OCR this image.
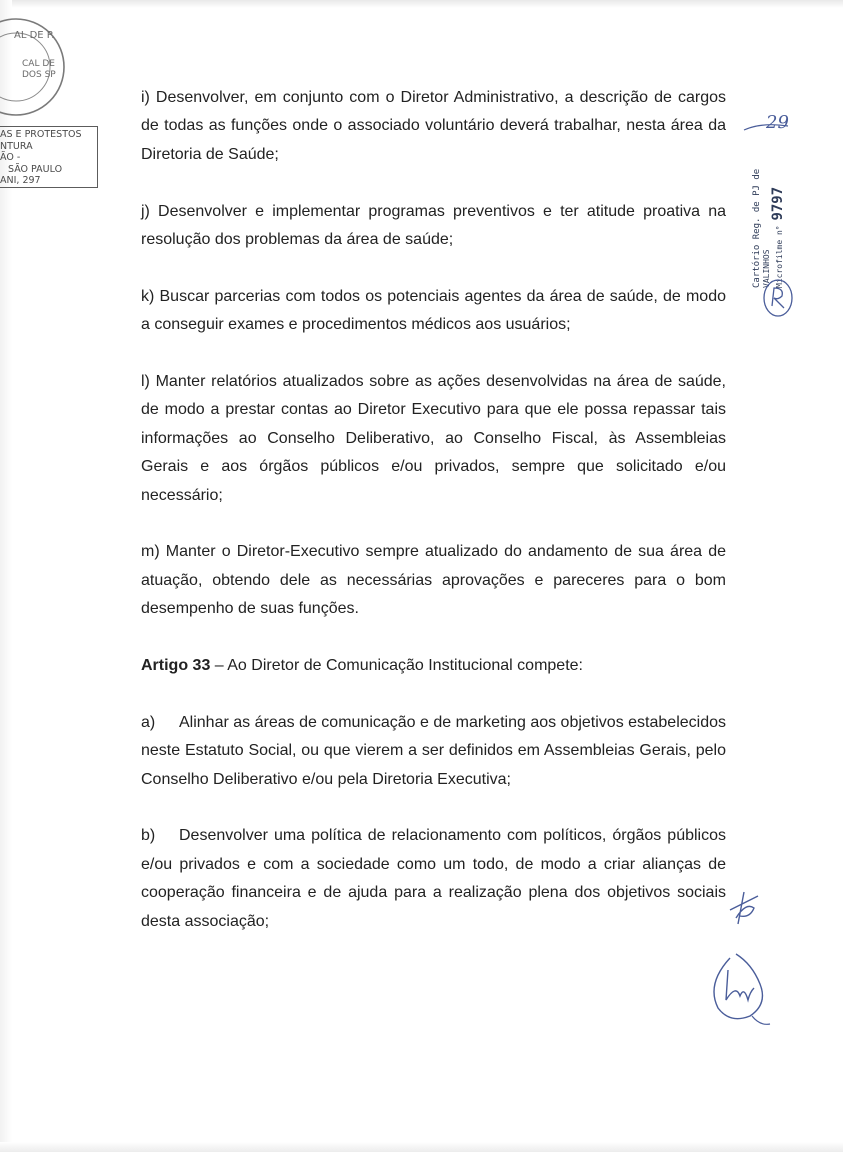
AL DE P.
CAL DE
DOS SP
AS E PROTESTOS
NTURA
ÃO -
SÃO PAULO
ANI, 297
29
Cartório Reg. de PJ de VALINHOS Microfilme n° 9797

i) Desenvolver, em conjunto com o Diretor Administrativo, a descrição de cargos de todas as funções onde o associado voluntário deverá trabalhar, nesta área da Diretoria de Saúde;

j) Desenvolver e implementar programas preventivos e ter atitude proativa na resolução dos problemas da área de saúde;

k) Buscar parcerias com todos os potenciais agentes da área de saúde, de modo a conseguir exames e procedimentos médicos aos usuários;

l) Manter relatórios atualizados sobre as ações desenvolvidas na área de saúde, de modo a prestar contas ao Diretor Executivo para que ele possa repassar tais informações ao Conselho Deliberativo, ao Conselho Fiscal, às Assembleias Gerais e aos órgãos públicos e/ou privados, sempre que solicitado e/ou necessário;

m) Manter o Diretor-Executivo sempre atualizado do andamento de sua área de atuação, obtendo dele as necessárias aprovações e pareceres para o bom desempenho de suas funções.

Artigo 33 – Ao Diretor de Comunicação Institucional compete:

a) Alinhar as áreas de comunicação e de marketing aos objetivos estabelecidos neste Estatuto Social, ou que vierem a ser definidos em Assembleias Gerais, pelo Conselho Deliberativo e/ou pela Diretoria Executiva;

b) Desenvolver uma política de relacionamento com políticos, órgãos públicos e/ou privados e com a sociedade como um todo, de modo a criar alianças de cooperação financeira e de ajuda para a realização plena dos objetivos sociais desta associação;
